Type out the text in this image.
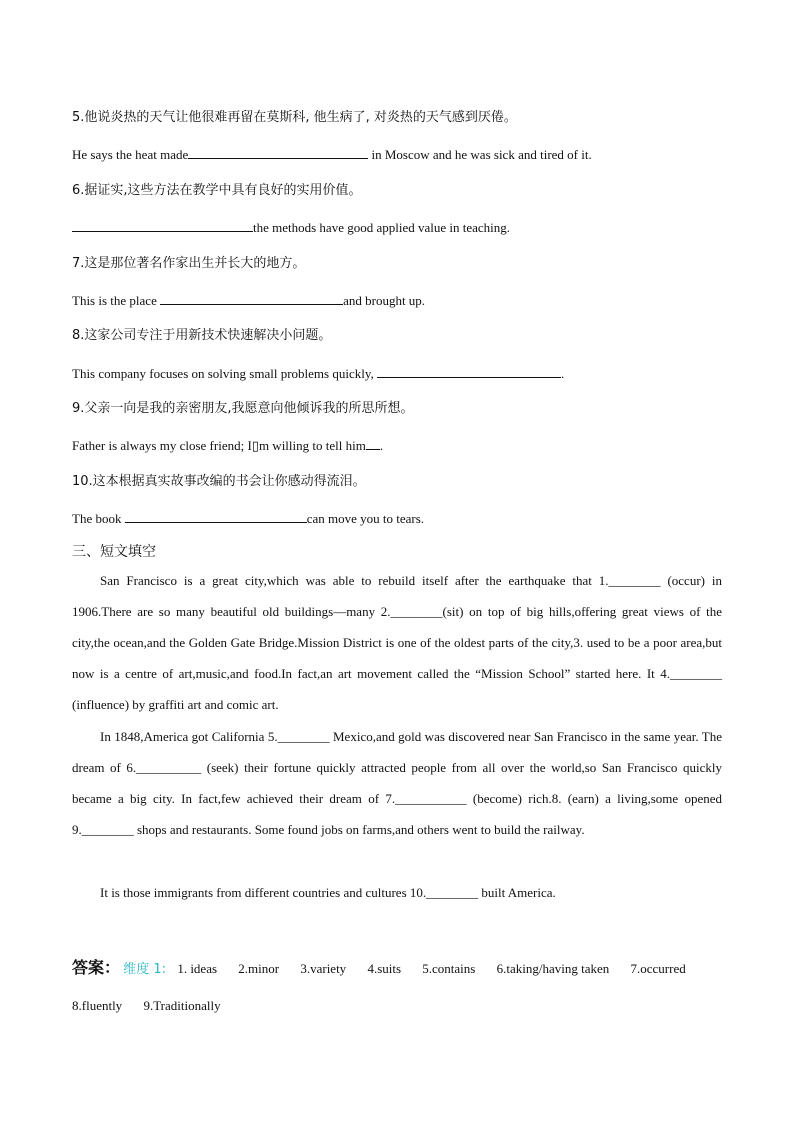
5.他说炎热的天气让他很难再留在莫斯科, 他生病了, 对炎热的天气感到厌倦。
He says the heat made	in Moscow and he was sick and tired of it.
6.据证实,这些方法在教学中具有良好的实用价值。
the methods have good applied value in teaching.
7.这是那位著名作家出生并长大的地方。
This is the place	and brought up.
8.这家公司专注于用新技术快速解决小问题。
This company focuses on solving small problems quickly,	.
9.父亲一向是我的亲密朋友,我愿意向他倾诉我的所思所想。
Father is always my close friend; I▯m willing to tell him .
10.这本根据真实故事改编的书会让你感动得流泪。
The book	can move you to tears.
三、短文填空
San Francisco is a great city,which was able to rebuild itself after the earthquake that 1.________ (occur) in 1906.There are so many beautiful old buildings—many 2.________(sit) on top of big hills,offering great views of the city,the ocean,and the Golden Gate Bridge.Mission District is one of the oldest parts of the city,3. used to be a poor area,but now is a centre of art,music,and food.In fact,an art movement called the “Mission School” started here. It 4.________ (influence) by graffiti art and comic art.
In 1848,America got California 5.________ Mexico,and gold was discovered near San Francisco in the same year. The dream of 6.__________ (seek) their fortune quickly attracted people from all over the world,so San Francisco quickly became a big city. In fact,few achieved their dream of 7.___________ (become) rich.8. (earn) a living,some opened 9.________ shops and restaurants. Some found jobs on farms,and others went to build the railway.
It is those immigrants from different countries and cultures 10.________ built America.
答案： 维度 1: 1. ideas 2.minor 3.variety 4.suits 5.contains 6.taking/having taken 7.occurred 8.fluently 9.Traditionally
